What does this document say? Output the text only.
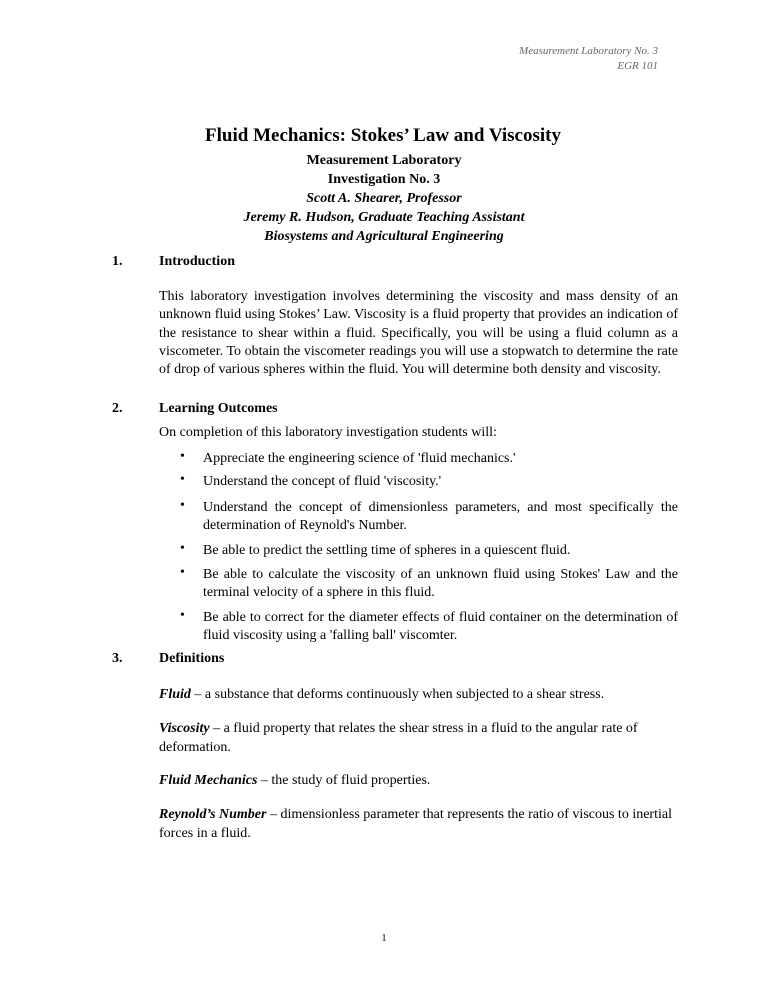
Measurement Laboratory No. 3
EGR 101
Fluid Mechanics: Stokes’ Law and Viscosity
Measurement Laboratory
Investigation No. 3
Scott A. Shearer, Professor
Jeremy R. Hudson, Graduate Teaching Assistant
Biosystems and Agricultural Engineering
1.	Introduction
This laboratory investigation involves determining the viscosity and mass density of an unknown fluid using Stokes’ Law. Viscosity is a fluid property that provides an indication of the resistance to shear within a fluid. Specifically, you will be using a fluid column as a viscometer. To obtain the viscometer readings you will use a stopwatch to determine the rate of drop of various spheres within the fluid. You will determine both density and viscosity.
2.	Learning Outcomes
On completion of this laboratory investigation students will:
• Appreciate the engineering science of 'fluid mechanics.'
• Understand the concept of fluid 'viscosity.'
• Understand the concept of dimensionless parameters, and most specifically the determination of Reynold's Number.
• Be able to predict the settling time of spheres in a quiescent fluid.
• Be able to calculate the viscosity of an unknown fluid using Stokes' Law and the terminal velocity of a sphere in this fluid.
• Be able to correct for the diameter effects of fluid container on the determination of fluid viscosity using a 'falling ball' viscomter.
3.	Definitions
Fluid – a substance that deforms continuously when subjected to a shear stress.
Viscosity – a fluid property that relates the shear stress in a fluid to the angular rate of deformation.
Fluid Mechanics – the study of fluid properties.
Reynold’s Number – dimensionless parameter that represents the ratio of viscous to inertial forces in a fluid.
1
